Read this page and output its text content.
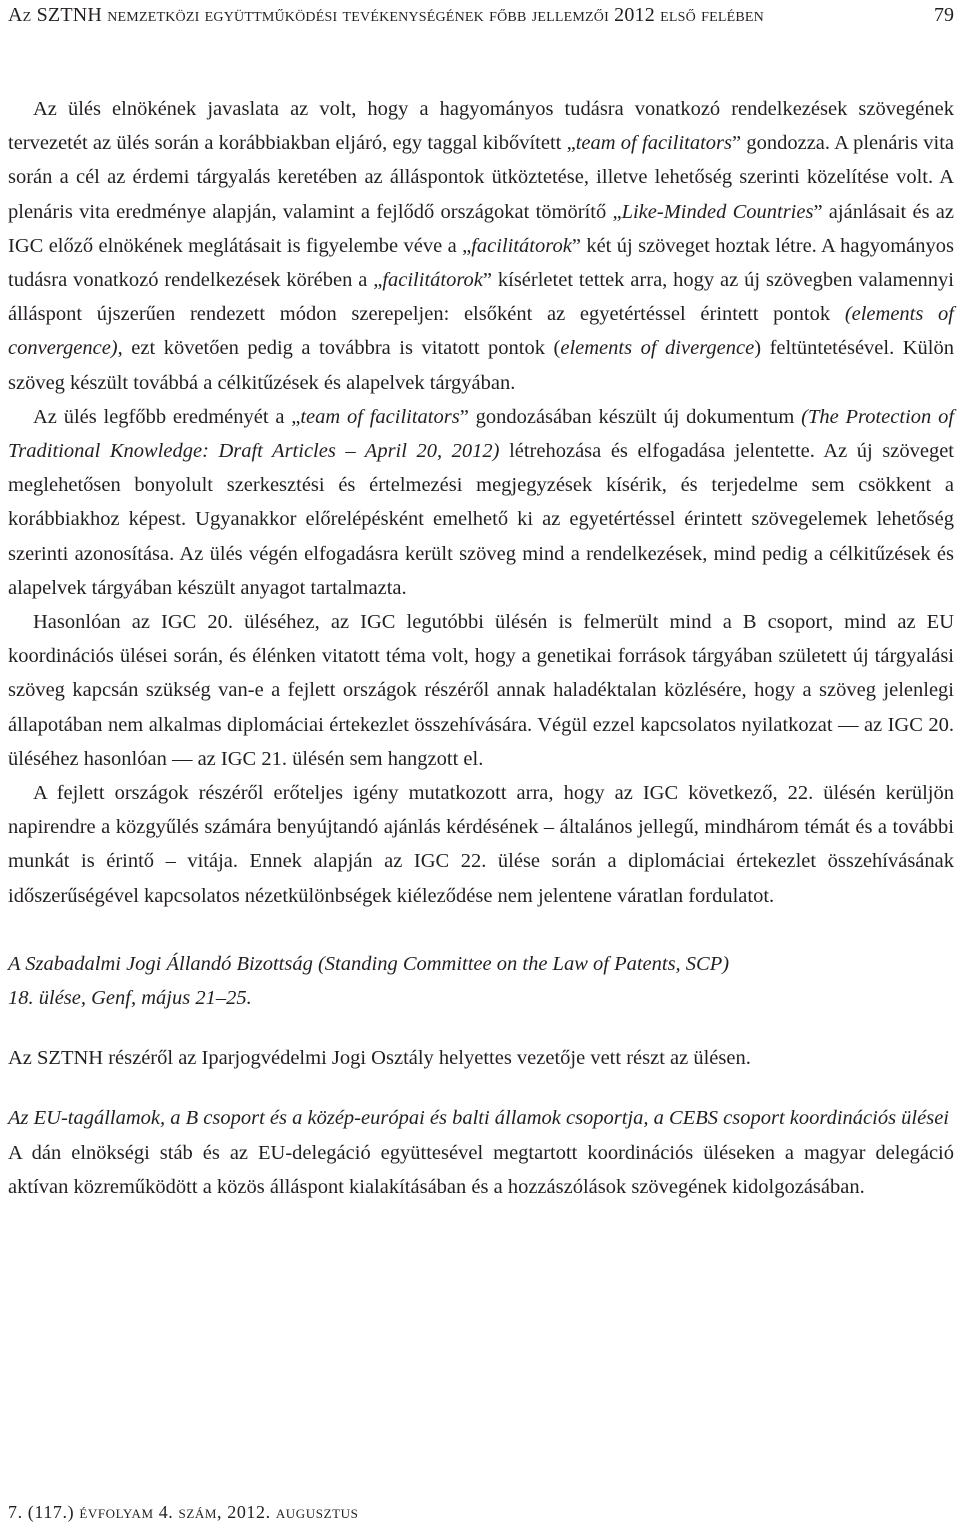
Az SZTNH nemzetközi együttműködési tevékenységének főbb jellemzői 2012 első felében	79

Az ülés elnökének javaslata az volt, hogy a hagyományos tudásra vonatkozó rendelkezések szövegének tervezetét az ülés során a korábbiakban eljáró, egy taggal kibővített „team of facilitators” gondozza. A plenáris vita során a cél az érdemi tárgyalás keretében az álláspontok ütköztetése, illetve lehetőség szerinti közelítése volt. A plenáris vita eredménye alapján, valamint a fejlődő országokat tömörítő „Like-Minded Countries” ajánlásait és az IGC előző elnökének meglátásait is figyelembe véve a „facilitátorok” két új szöveget hoztak létre. A hagyományos tudásra vonatkozó rendelkezések körében a „facilitátorok” kísérletet tettek arra, hogy az új szövegben valamennyi álláspont újszerűen rendezett módon szerepeljen: elsőként az egyetértéssel érintett pontok (elements of convergence), ezt követően pedig a továbbra is vitatott pontok (elements of divergence) feltüntetésével. Külön szöveg készült továbbá a célkitűzések és alapelvek tárgyában.

Az ülés legfőbb eredményét a „team of facilitators” gondozásában készült új dokumentum (The Protection of Traditional Knowledge: Draft Articles – April 20, 2012) létrehozása és elfogadása jelentette. Az új szöveget meglehetősen bonyolult szerkesztési és értelmezési megjegyzések kísérik, és terjedelme sem csökkent a korábbiakhoz képest. Ugyanakkor előrelépésként emelhető ki az egyetértéssel érintett szövegelemek lehetőség szerinti azonosítása. Az ülés végén elfogadásra került szöveg mind a rendelkezések, mind pedig a célkitűzések és alapelvek tárgyában készült anyagot tartalmazta.

Hasonlóan az IGC 20. üléséhez, az IGC legutóbbi ülésén is felmerült mind a B csoport, mind az EU koordinációs ülései során, és élénken vitatott téma volt, hogy a genetikai források tárgyában született új tárgyalási szöveg kapcsán szükség van-e a fejlett országok részéről annak haladéktalan közlésére, hogy a szöveg jelenlegi állapotában nem alkalmas diplomáciai értekezlet összehívására. Végül ezzel kapcsolatos nyilatkozat — az IGC 20. üléséhez hasonlóan — az IGC 21. ülésén sem hangzott el.

A fejlett országok részéről erőteljes igény mutatkozott arra, hogy az IGC következő, 22. ülésén kerüljön napirendre a közgyűlés számára benyújtandó ajánlás kérdésének – általános jellegű, mindhárom témát és a további munkát is érintő – vitája. Ennek alapján az IGC 22. ülése során a diplomáciai értekezlet összehívásának időszerűségével kapcsolatos nézetkülönbségek kiéleződése nem jelentene váratlan fordulatot.

A Szabadalmi Jogi Állandó Bizottság (Standing Committee on the Law of Patents, SCP)
18. ülése, Genf, május 21–25.

Az SZTNH részéről az Iparjogvédelmi Jogi Osztály helyettes vezetője vett részt az ülésen.

Az EU-tagállamok, a B csoport és a közép-európai és balti államok csoportja, a CEBS csoport koordinációs ülései

A dán elnökségi stáb és az EU-delegáció együttesével megtartott koordinációs üléseken a magyar delegáció aktívan közreműködött a közös álláspont kialakításában és a hozzászólások szövegének kidolgozásában.

7. (117.) évfolyam 4. szám, 2012. augusztus
